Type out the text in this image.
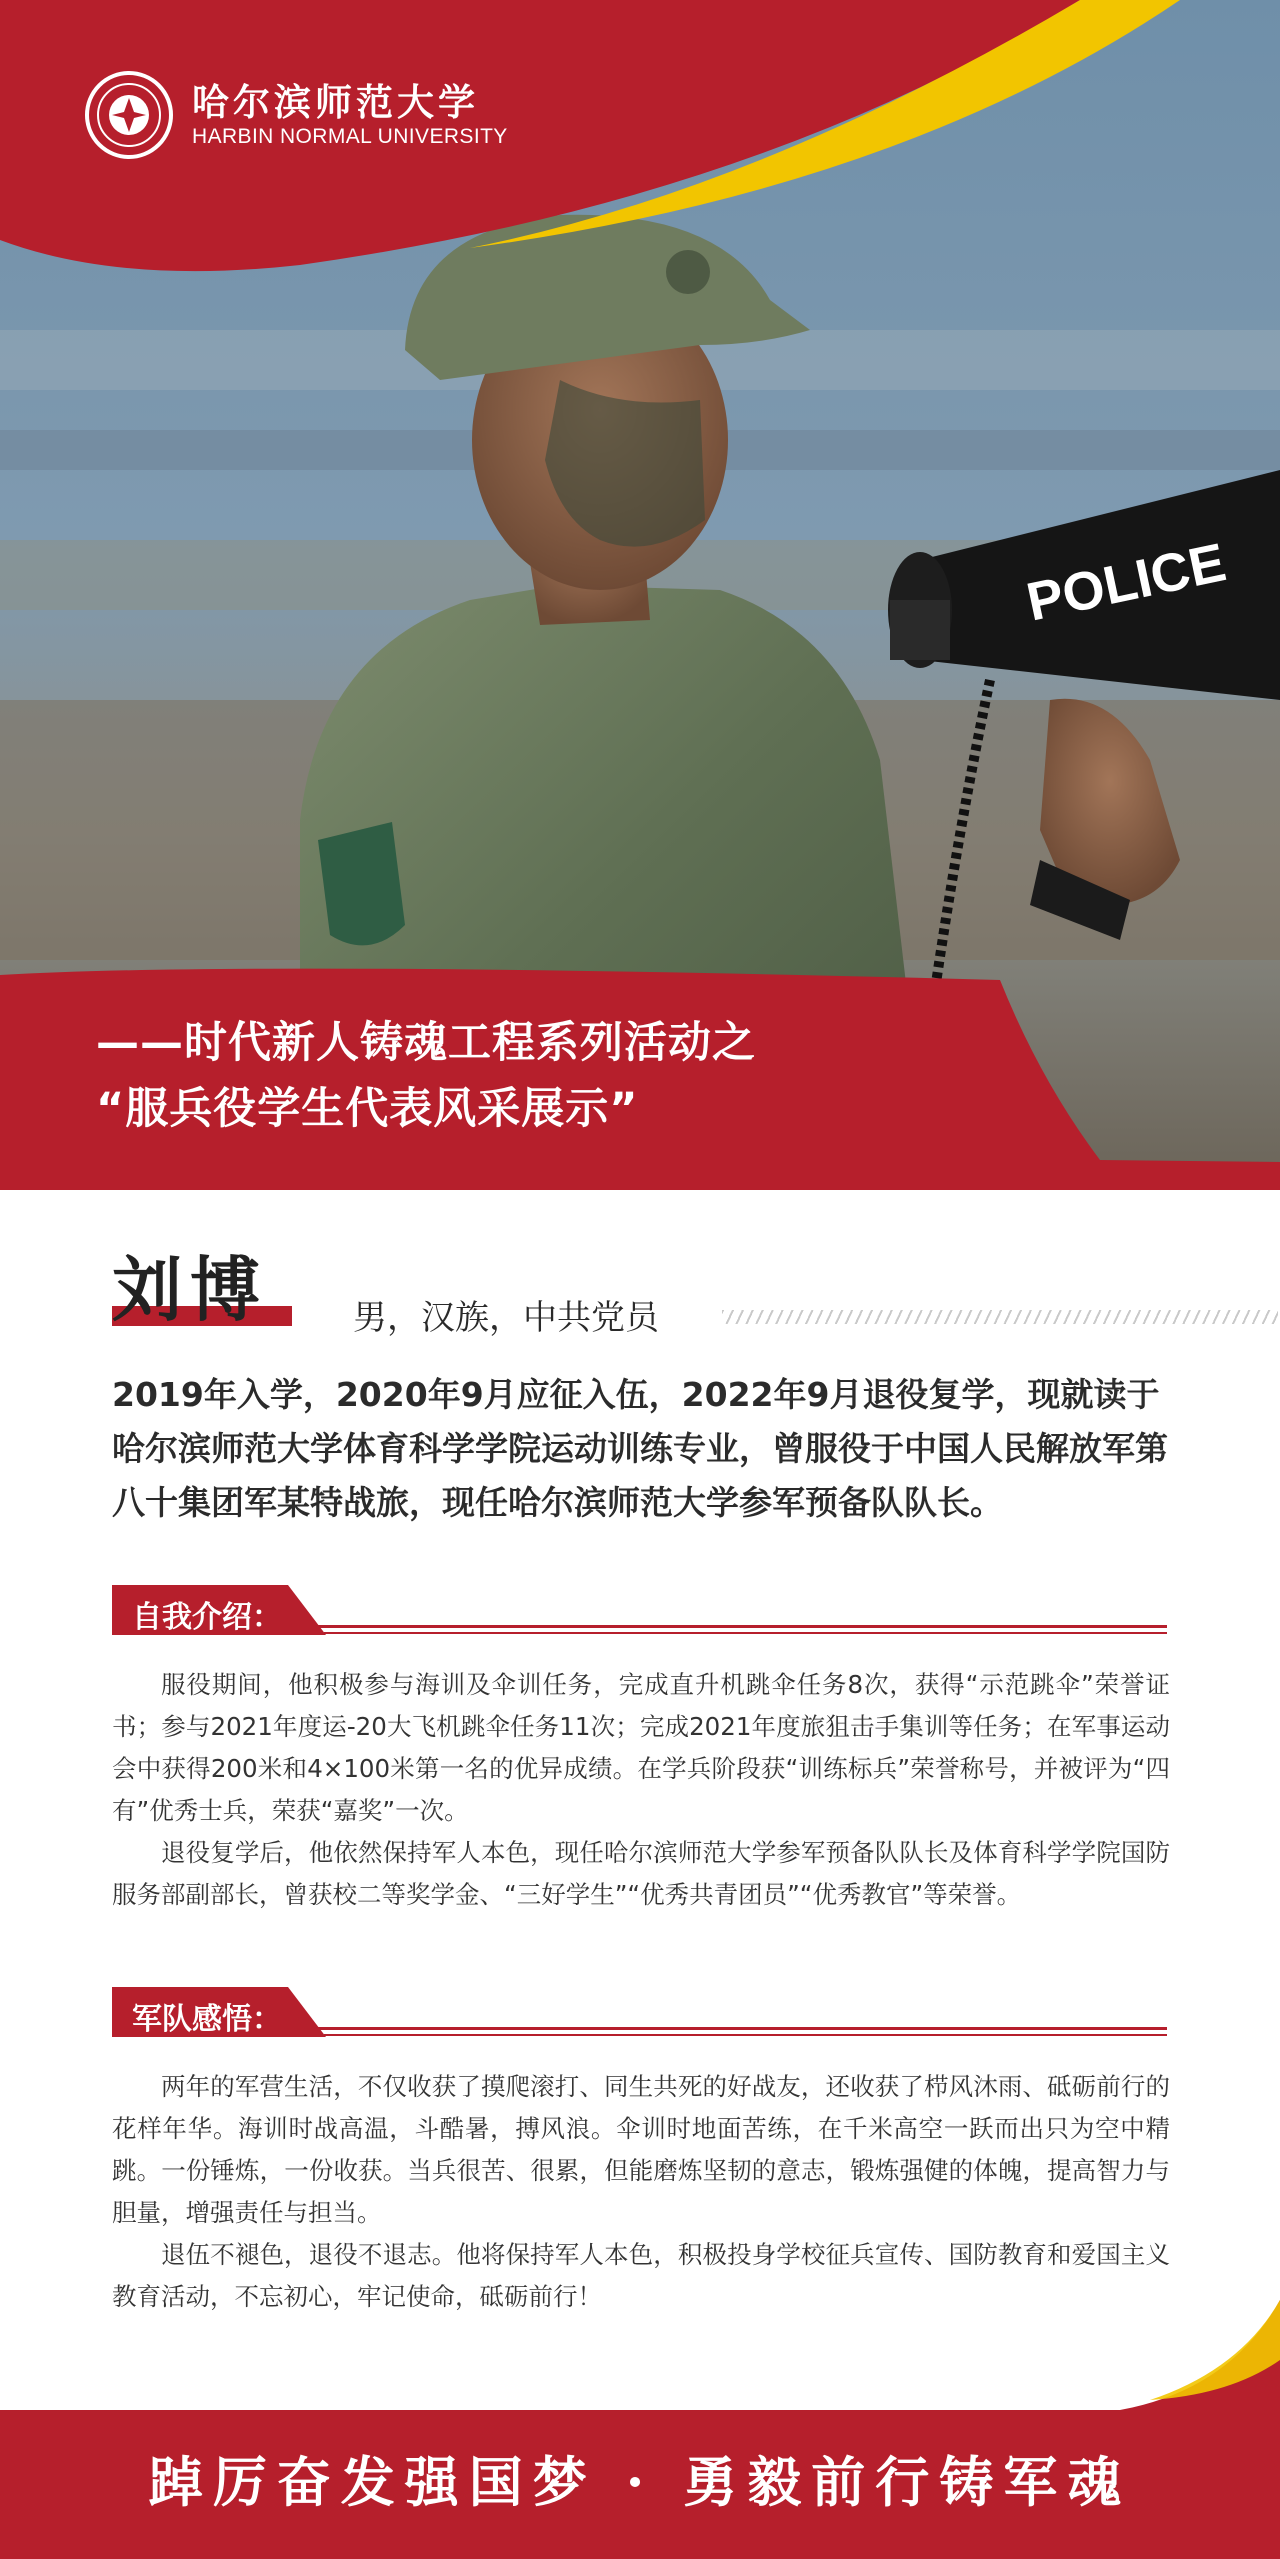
POLICE
哈尔滨师范大学
HARBIN NORMAL UNIVERSITY
——时代新人铸魂工程系列活动之
“服兵役学生代表风采展示”
刘博	男，汉族，中共党员
2019年入学，2020年9月应征入伍，2022年9月退役复学，现就读于哈尔滨师范大学体育科学学院运动训练专业，曾服役于中国人民解放军第八十集团军某特战旅，现任哈尔滨师范大学参军预备队队长。
自我介绍：
服役期间，他积极参与海训及伞训任务，完成直升机跳伞任务8次，获得“示范跳伞”荣誉证书；参与2021年度运-20大飞机跳伞任务11次；完成2021年度旅狙击手集训等任务；在军事运动会中获得200米和4×100米第一名的优异成绩。在学兵阶段获“训练标兵”荣誉称号，并被评为“四有”优秀士兵，荣获“嘉奖”一次。
退役复学后，他依然保持军人本色，现任哈尔滨师范大学参军预备队队长及体育科学学院国防服务部副部长，曾获校二等奖学金、“三好学生”“优秀共青团员”“优秀教官”等荣誉。
军队感悟：
两年的军营生活，不仅收获了摸爬滚打、同生共死的好战友，还收获了栉风沐雨、砥砺前行的花样年华。海训时战高温，斗酷暑，搏风浪。伞训时地面苦练，在千米高空一跃而出只为空中精跳。一份锤炼，一份收获。当兵很苦、很累，但能磨炼坚韧的意志，锻炼强健的体魄，提高智力与胆量，增强责任与担当。
退伍不褪色，退役不退志。他将保持军人本色，积极投身学校征兵宣传、国防教育和爱国主义教育活动，不忘初心，牢记使命，砥砺前行！
踔厉奋发强国梦 · 勇毅前行铸军魂
